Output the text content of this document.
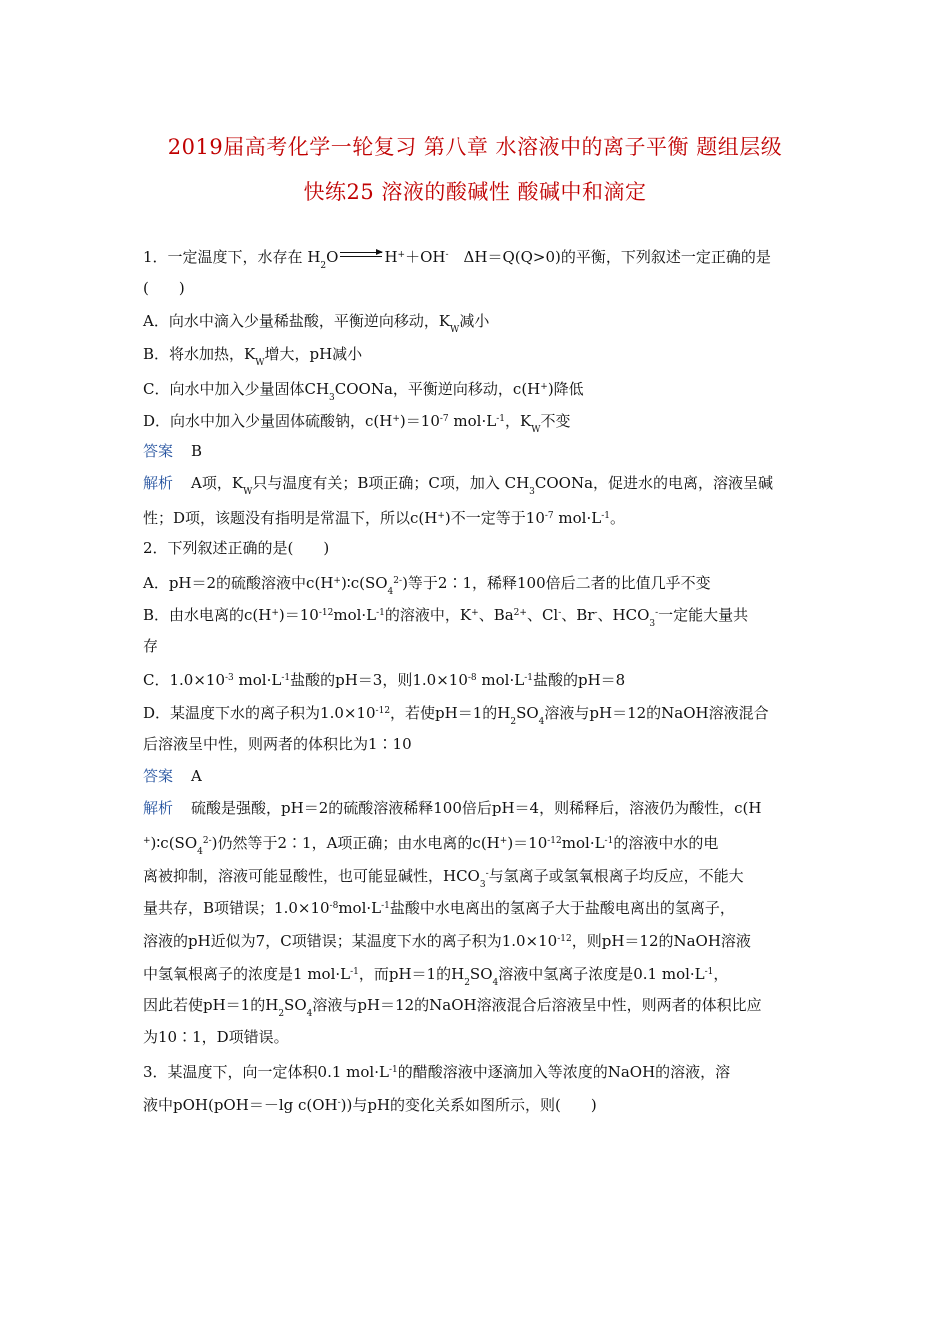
2019届高考化学一轮复习 第八章 水溶液中的离子平衡 题组层级
快练25 溶液的酸碱性 酸碱中和滴定
1．一定温度下，水存在 $H_2O$	H+＋OH-　ΔH＝Q(Q>0)的平衡，下列叙述一定正确的是
(　　)
A．向水中滴入少量稀盐酸，平衡逆向移动，$K_W$减小
B．将水加热，$K_W$增大，pH减小
C．向水中加入少量固体$CH_3COONa$，平衡逆向移动，c(H+)降低
D．向水中加入少量固体硫酸钠，$c(H^+)=10^{-7}$ $mol\cdot L^{-1}$，$K_W$不变
答案 B
解析 A项，$K_W$只与温度有关；B项正确；C项，加入 $CH_3COONa$，促进水的电离，溶液呈碱
性；D项，该题没有指明是常温下，所以c(H+)不一定等于$10^{-7}$ $mol\cdot L^{-1}$。
2．下列叙述正确的是(　　)
A．pH＝2的硫酸溶液中$c(H^+)∶c(SO_4^{2-})$等于2∶1，稀释100倍后二者的比值几乎不变
B．由水电离的$c(H^+)=10^{-12}mol\cdot L^{-1}$的溶液中，K+、$Ba^{2+}$、Cl-、Br-、$HCO_3^-$一定能大量共
存
C．$1.0\times 10^{-3}$ $mol\cdot L^{-1}$盐酸的pH＝3，则$1.0\times 10^{-8}$ $mol\cdot L^{-1}$盐酸的pH＝8
D．某温度下水的离子积为$1.0\times 10^{-12}$，若使pH＝1的$H_2SO_4$溶液与pH＝12的NaOH溶液混合
后溶液呈中性，则两者的体积比为1∶10
答案 A
解析 硫酸是强酸，pH＝2的硫酸溶液稀释100倍后pH＝4，则稀释后，溶液仍为酸性，c(H
$^+)∶c(SO_4^{2-})$仍然等于2∶1，A项正确；由水电离的$c(H^+)=10^{-12}mol\cdot L^{-1}$的溶液中水的电
离被抑制，溶液可能显酸性，也可能显碱性，$HCO_3^-$与氢离子或氢氧根离子均反应，不能大
量共存，B项错误；$1.0\times 10^{-8}mol\cdot L^{-1}$盐酸中水电离出的氢离子大于盐酸电离出的氢离子，
溶液的pH近似为7，C项错误；某温度下水的离子积为$1.0\times 10^{-12}$，则pH＝12的NaOH溶液
中氢氧根离子的浓度是1 $mol\cdot L^{-1}$，而pH＝1的$H_2SO_4$溶液中氢离子浓度是0.1 $mol\cdot L^{-1}$，
因此若使pH＝1的$H_2SO_4$溶液与pH＝12的NaOH溶液混合后溶液呈中性，则两者的体积比应
为10∶1，D项错误。
3．某温度下，向一定体积0.1 $mol\cdot L^{-1}$的醋酸溶液中逐滴加入等浓度的NaOH的溶液，溶
液中pOH(pOH＝－lg c(OH-))与pH的变化关系如图所示，则(　　)
